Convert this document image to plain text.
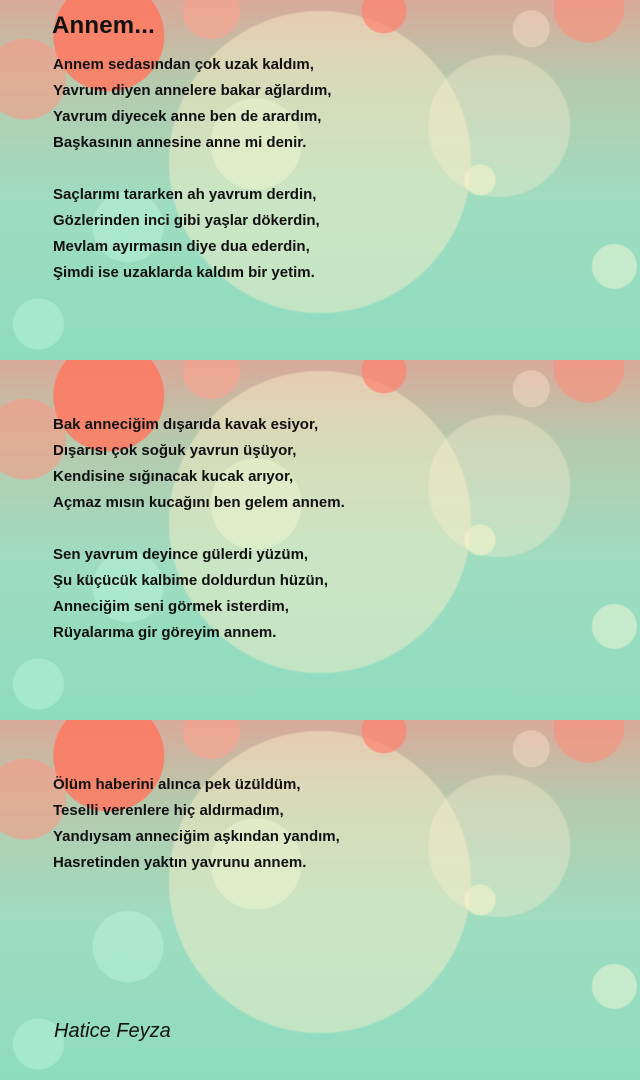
Annem...
Annem sedasından çok uzak kaldım,
Yavrum diyen annelere bakar ağlardım,
Yavrum diyecek anne ben de arardım,
Başkasının annesine anne mi denir.
Saçlarımı tararken ah yavrum derdin,
Gözlerinden inci gibi yaşlar dökerdin,
Mevlam ayırmasın diye dua ederdin,
Şimdi ise uzaklarda kaldım bir yetim.
Bak anneciğim dışarıda kavak esiyor,
Dışarısı çok soğuk yavrun üşüyor,
Kendisine sığınacak kucak arıyor,
Açmaz mısın kucağını ben gelem annem.
Sen yavrum deyince gülerdi yüzüm,
Şu küçücük kalbime doldurdun hüzün,
Anneciğim seni görmek isterdim,
Rüyalarıma gir göreyim annem.
Ölüm haberini alınca pek üzüldüm,
Teselli verenlere hiç aldırmadım,
Yandıysam anneciğim aşkından yandım,
Hasretinden yaktın yavrunu annem.

Hatice Feyza
